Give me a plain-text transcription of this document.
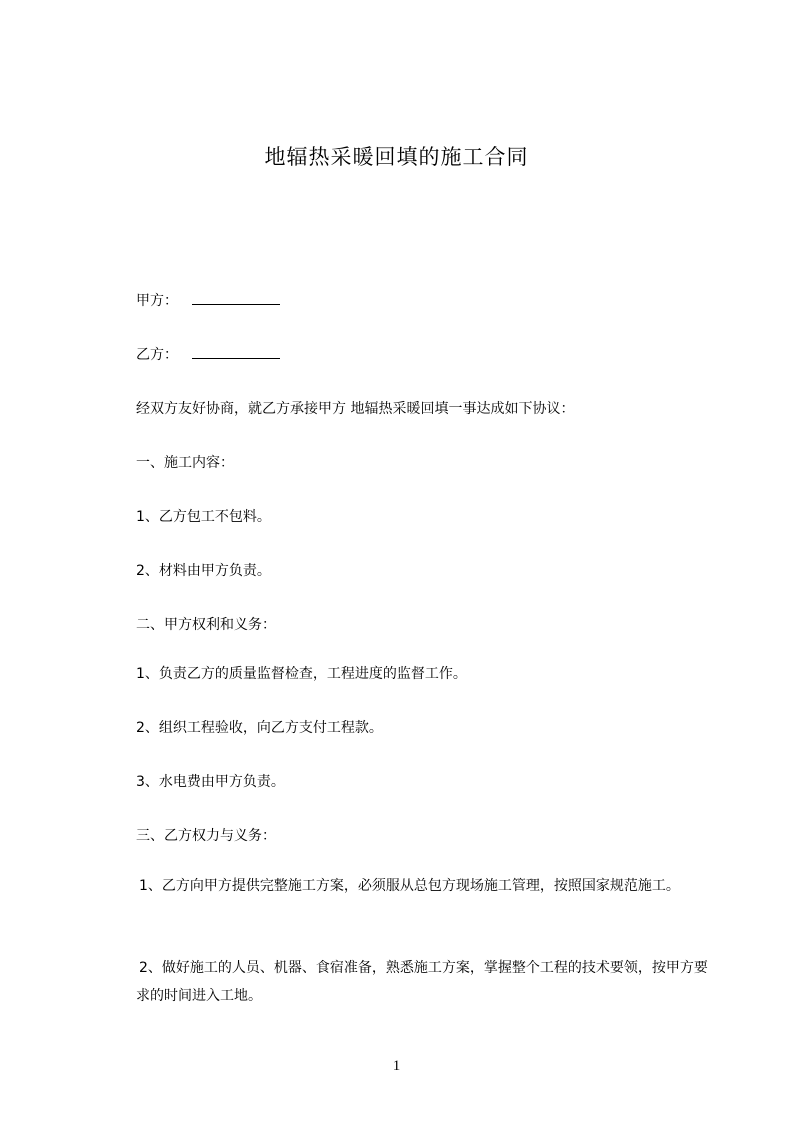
地辐热采暖回填的施工合同
甲方：
乙方：
经双方友好协商，就乙方承接甲方 地辐热采暖回填一事达成如下协议：
一、施工内容：
1、乙方包工不包料。
2、材料由甲方负责。
二、甲方权利和义务：
1、负责乙方的质量监督检查，工程进度的监督工作。
2、组织工程验收，向乙方支付工程款。
3、水电费由甲方负责。
三、乙方权力与义务：
1、乙方向甲方提供完整施工方案，必须服从总包方现场施工管理，按照国家规范施工。
2、做好施工的人员、机器、食宿准备，熟悉施工方案，掌握整个工程的技术要领，按甲方要求的时间进入工地。
1
